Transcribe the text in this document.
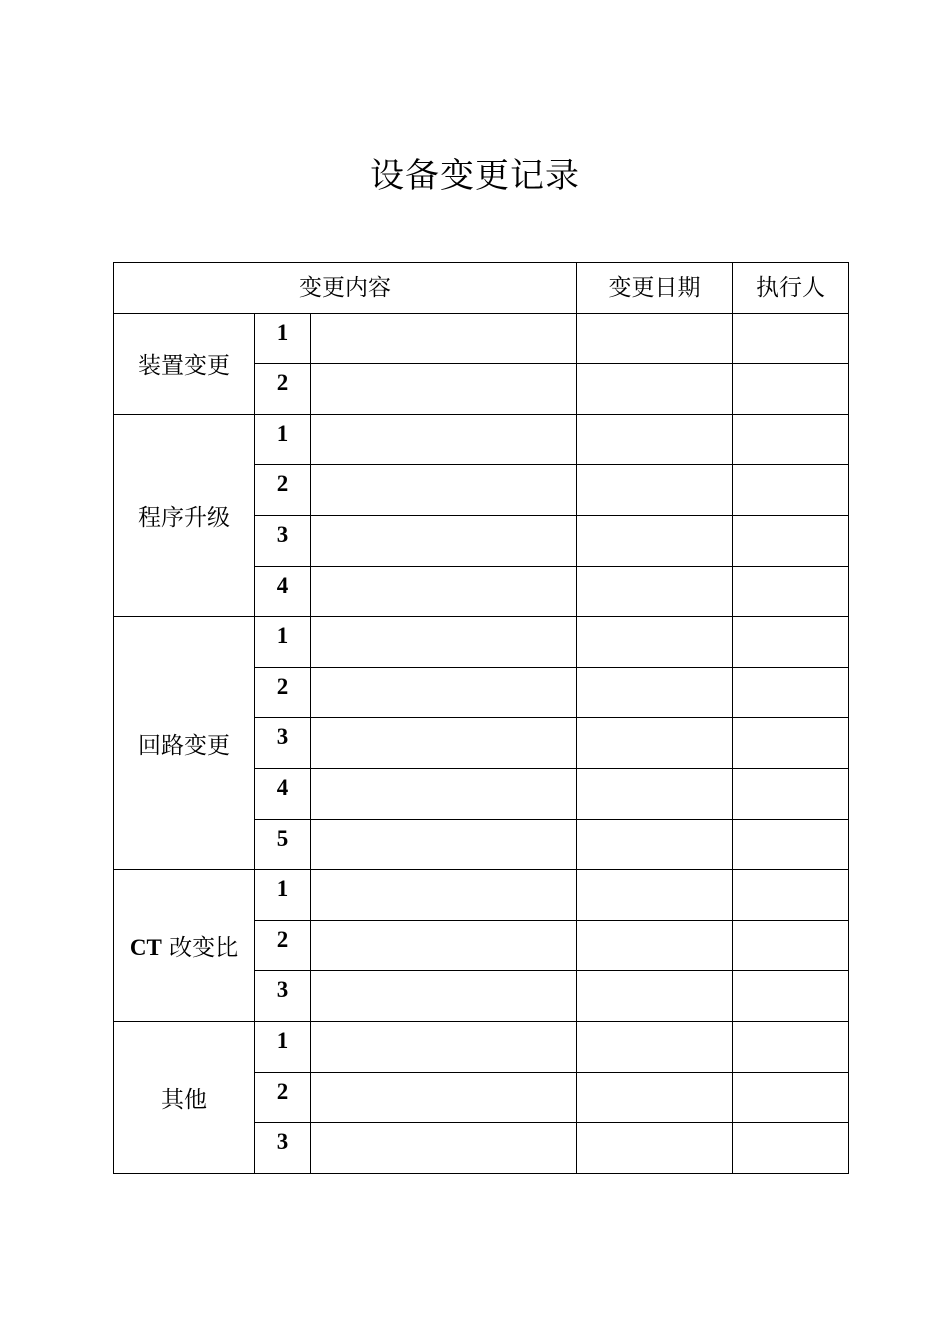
设备变更记录
变更内容			变更日期	执行人
装置变更	1			
	2			
程序升级	1			
	2			
	3			
	4			
回路变更	1			
	2			
	3			
	4			
	5			
CT 改变比	1			
	2			
	3			
其他	1			
	2			
	3			
